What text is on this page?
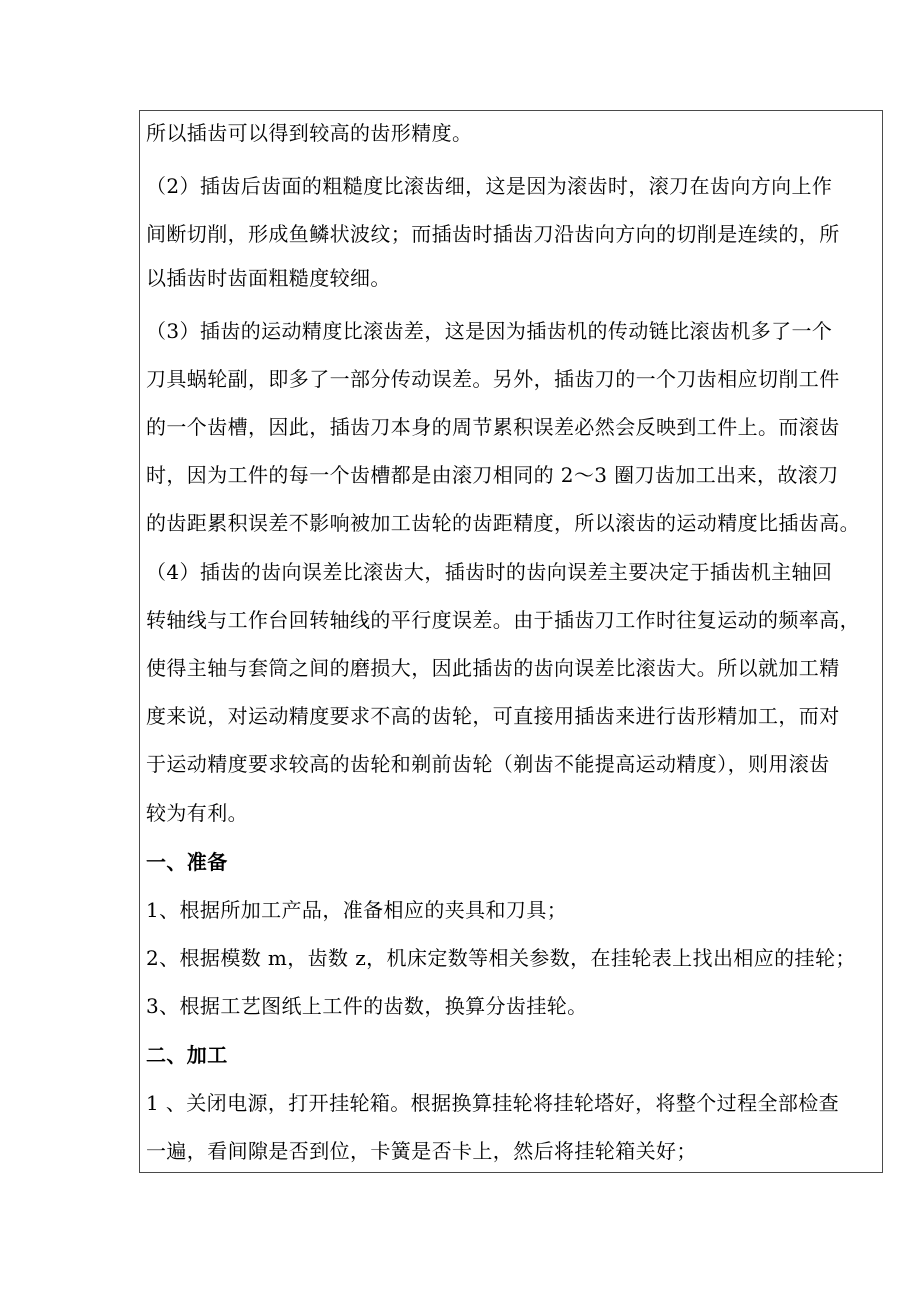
所以插齿可以得到较高的齿形精度。
（2）插齿后齿面的粗糙度比滚齿细，这是因为滚齿时，滚刀在齿向方向上作
间断切削，形成鱼鳞状波纹；而插齿时插齿刀沿齿向方向的切削是连续的，所
以插齿时齿面粗糙度较细。
（3）插齿的运动精度比滚齿差，这是因为插齿机的传动链比滚齿机多了一个
刀具蜗轮副，即多了一部分传动误差。另外，插齿刀的一个刀齿相应切削工件
的一个齿槽，因此，插齿刀本身的周节累积误差必然会反映到工件上。而滚齿
时，因为工件的每一个齿槽都是由滚刀相同的 2～3 圈刀齿加工出来，故滚刀
的齿距累积误差不影响被加工齿轮的齿距精度，所以滚齿的运动精度比插齿高。
（4）插齿的齿向误差比滚齿大，插齿时的齿向误差主要决定于插齿机主轴回
转轴线与工作台回转轴线的平行度误差。由于插齿刀工作时往复运动的频率高，
使得主轴与套筒之间的磨损大，因此插齿的齿向误差比滚齿大。所以就加工精
度来说，对运动精度要求不高的齿轮，可直接用插齿来进行齿形精加工，而对
于运动精度要求较高的齿轮和剃前齿轮（剃齿不能提高运动精度），则用滚齿
较为有利。
一、准备
1、根据所加工产品，准备相应的夹具和刀具；
2、根据模数 m，齿数 z，机床定数等相关参数，在挂轮表上找出相应的挂轮；
3、根据工艺图纸上工件的齿数，换算分齿挂轮。
二、加工
1 、关闭电源，打开挂轮箱。根据换算挂轮将挂轮塔好，将整个过程全部检查
一遍，看间隙是否到位，卡簧是否卡上，然后将挂轮箱关好；
